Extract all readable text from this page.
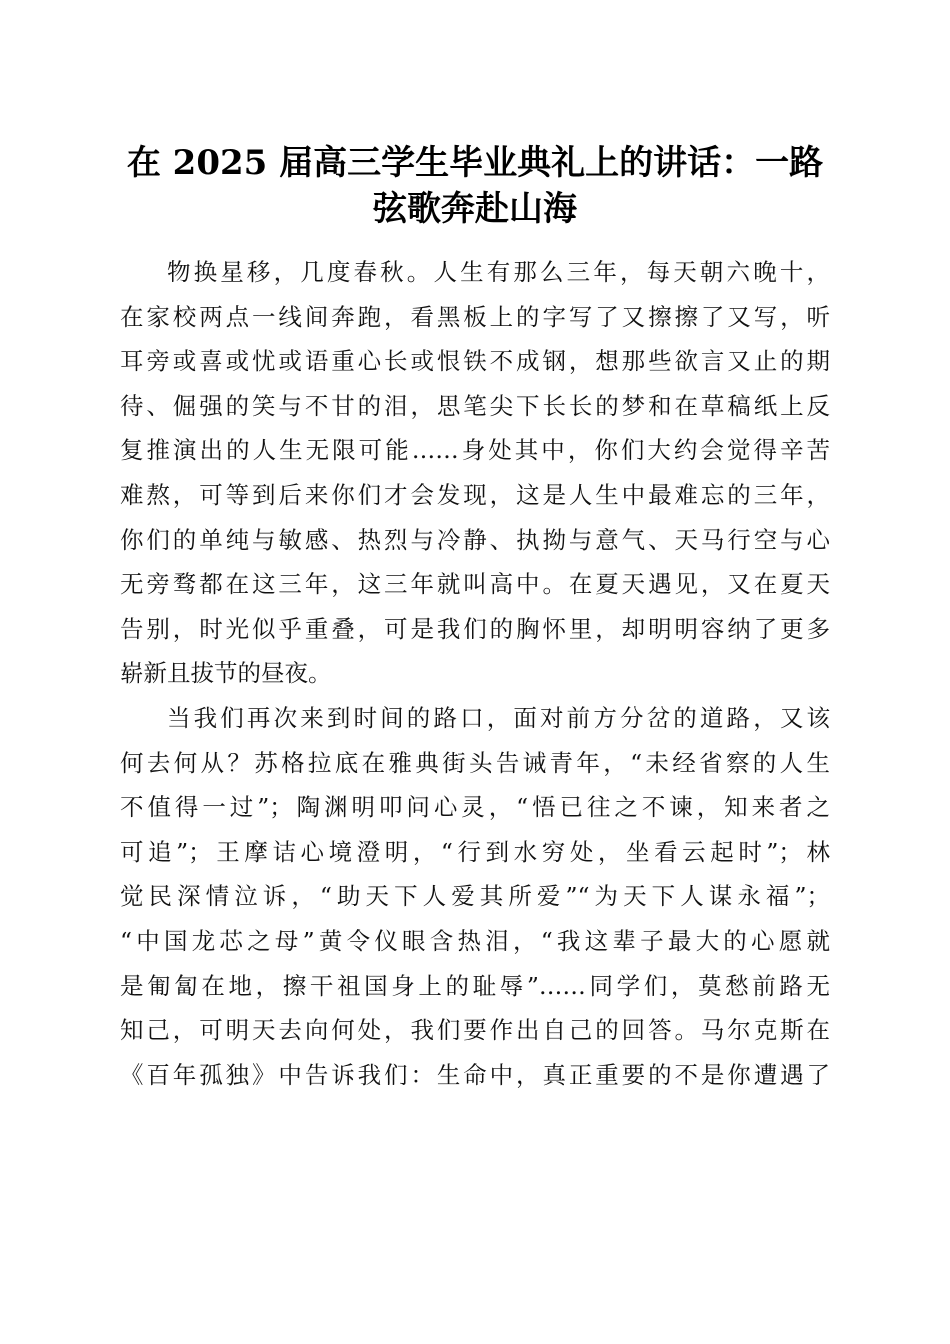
在 2025 届高三学生毕业典礼上的讲话：一路
弦歌奔赴山海
物换星移，几度春秋。人生有那么三年，每天朝六晚十，
在家校两点一线间奔跑，看黑板上的字写了又擦擦了又写，听
耳旁或喜或忧或语重心长或恨铁不成钢，想那些欲言又止的期
待、倔强的笑与不甘的泪，思笔尖下长长的梦和在草稿纸上反
复推演出的人生无限可能……身处其中，你们大约会觉得辛苦
难熬，可等到后来你们才会发现，这是人生中最难忘的三年，
你们的单纯与敏感、热烈与冷静、执拗与意气、天马行空与心
无旁骛都在这三年，这三年就叫高中。在夏天遇见，又在夏天
告别，时光似乎重叠，可是我们的胸怀里，却明明容纳了更多
崭新且拔节的昼夜。
当我们再次来到时间的路口，面对前方分岔的道路，又该
何去何从？苏格拉底在雅典街头告诫青年，“未经省察的人生
不值得一过”；陶渊明叩问心灵，“悟已往之不谏，知来者之
可追”；王摩诘心境澄明，“行到水穷处，坐看云起时”；林
觉民深情泣诉，“助天下人爱其所爱”“为天下人谋永福”；
“中国龙芯之母”黄令仪眼含热泪，“我这辈子最大的心愿就
是匍匐在地，擦干祖国身上的耻辱”……同学们，莫愁前路无
知己，可明天去向何处，我们要作出自己的回答。马尔克斯在
《百年孤独》中告诉我们：生命中，真正重要的不是你遭遇了
